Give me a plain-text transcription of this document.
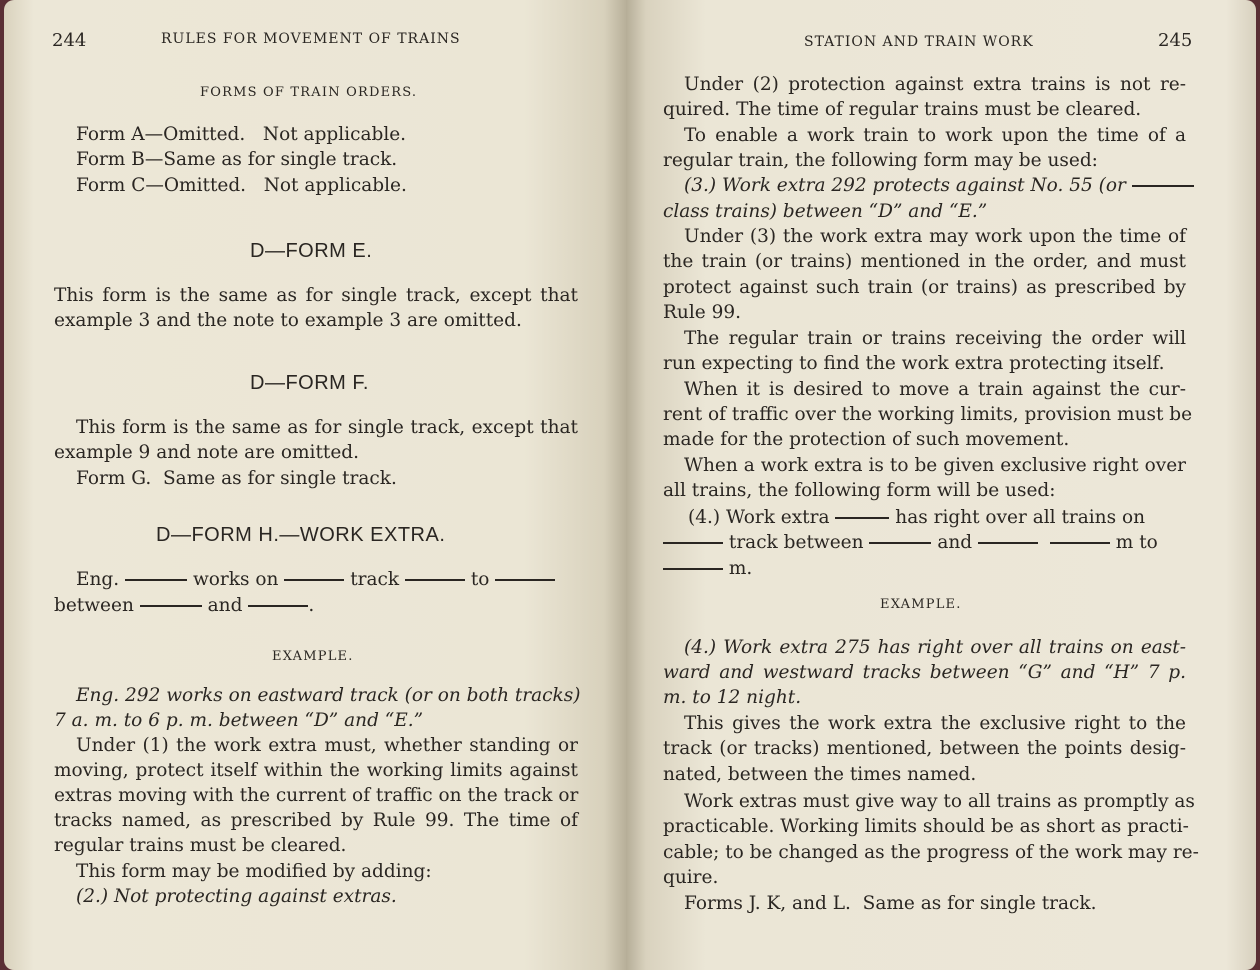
244	RULES FOR MOVEMENT OF TRAINS
FORMS OF TRAIN ORDERS.
Form A—Omitted.   Not applicable.
Form B—Same as for single track.
Form C—Omitted.   Not applicable.
D—FORM E.
This form is the same as for single track, except that
example 3 and the note to example 3 are omitted.
D—FORM F.
This form is the same as for single track, except that
example 9 and note are omitted.
Form G.  Same as for single track.
D—FORM H.—WORK EXTRA.
Eng.	works on	track	to
between	and	.
EXAMPLE.
Eng. 292 works on eastward track (or on both tracks)
7 a. m. to 6 p. m. between “D” and “E.”
Under (1) the work extra must, whether standing or
moving, protect itself within the working limits against
extras moving with the current of traffic on the track or
tracks named, as prescribed by Rule 99. The time of
regular trains must be cleared.
This form may be modified by adding:
(2.) Not protecting against extras.
STATION AND TRAIN WORK	245
Under (2) protection against extra trains is not re-
quired. The time of regular trains must be cleared.
To enable a work train to work upon the time of a
regular train, the following form may be used:
(3.) Work extra 292 protects against No. 55 (or
class trains) between “D” and “E.”
Under (3) the work extra may work upon the time of
the train (or trains) mentioned in the order, and must
protect against such train (or trains) as prescribed by
Rule 99.
The regular train or trains receiving the order will
run expecting to find the work extra protecting itself.
When it is desired to move a train against the cur-
rent of traffic over the working limits, provision must be
made for the protection of such movement.
When a work extra is to be given exclusive right over
all trains, the following form will be used:
(4.) Work extra	has right over all trains on
track between	and	m to
m.
EXAMPLE.
(4.) Work extra 275 has right over all trains on east-
ward and westward tracks between “G” and “H” 7 p.
m. to 12 night.
This gives the work extra the exclusive right to the
track (or tracks) mentioned, between the points desig-
nated, between the times named.
Work extras must give way to all trains as promptly as
practicable. Working limits should be as short as practi-
cable; to be changed as the progress of the work may re-
quire.
Forms J. K, and L.  Same as for single track.
